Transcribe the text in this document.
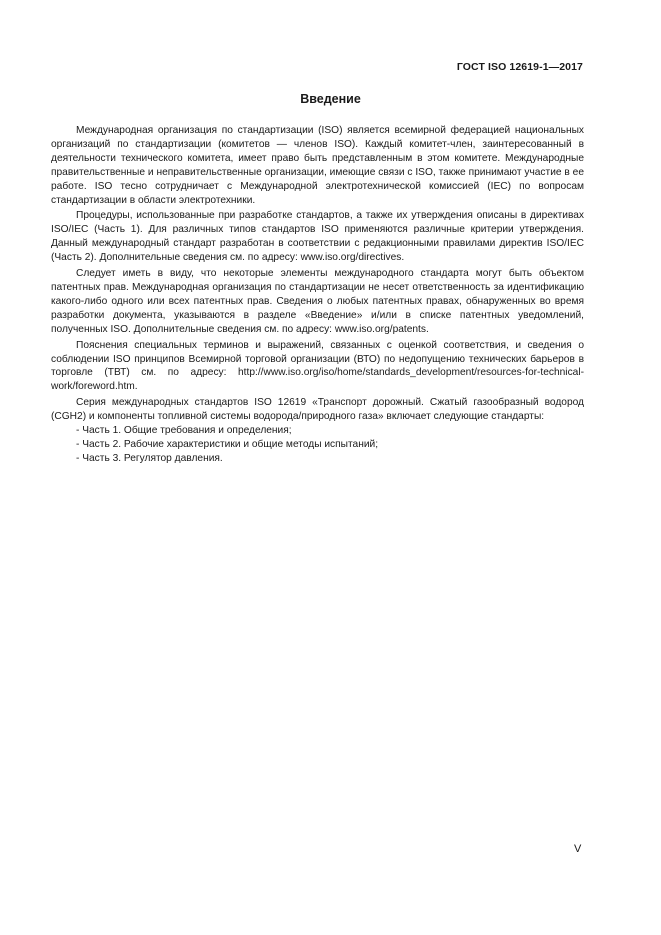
ГОСТ ISO 12619-1—2017
Введение

Международная организация по стандартизации (ISO) является всемирной федерацией национальных организаций по стандартизации (комитетов — членов ISO). Каждый комитет-член, заинтересованный в деятельности технического комитета, имеет право быть представленным в этом комитете. Международные правительственные и неправительственные организации, имеющие связи с ISO, также принимают участие в ее работе. ISO тесно сотрудничает с Международной электротехнической комиссией (IEC) по вопросам стандартизации в области электротехники.

Процедуры, использованные при разработке стандартов, а также их утверждения описаны в директивах ISO/IEC (Часть 1). Для различных типов стандартов ISO применяются различные критерии утверждения. Данный международный стандарт разработан в соответствии с редакционными правилами директив ISO/IEC (Часть 2). Дополнительные сведения см. по адресу: www.iso.org/directives.

Следует иметь в виду, что некоторые элементы международного стандарта могут быть объектом патентных прав. Международная организация по стандартизации не несет ответственность за идентификацию какого-либо одного или всех патентных прав. Сведения о любых патентных правах, обнаруженных во время разработки документа, указываются в разделе «Введение» и/или в списке патентных уведомлений, полученных ISO. Дополнительные сведения см. по адресу: www.iso.org/patents.

Пояснения специальных терминов и выражений, связанных с оценкой соответствия, и сведения о соблюдении ISO принципов Всемирной торговой организации (ВТО) по недопущению технических барьеров в торговле (ТВТ) см. по адресу: http://www.iso.org/iso/home/standards_development/resources-for-technical-work/foreword.htm.

Серия международных стандартов ISO 12619 «Транспорт дорожный. Сжатый газообразный водород (CGH2) и компоненты топливной системы водорода/природного газа» включает следующие стандарты:

- Часть 1. Общие требования и определения;
- Часть 2. Рабочие характеристики и общие методы испытаний;
- Часть 3. Регулятор давления.
V
